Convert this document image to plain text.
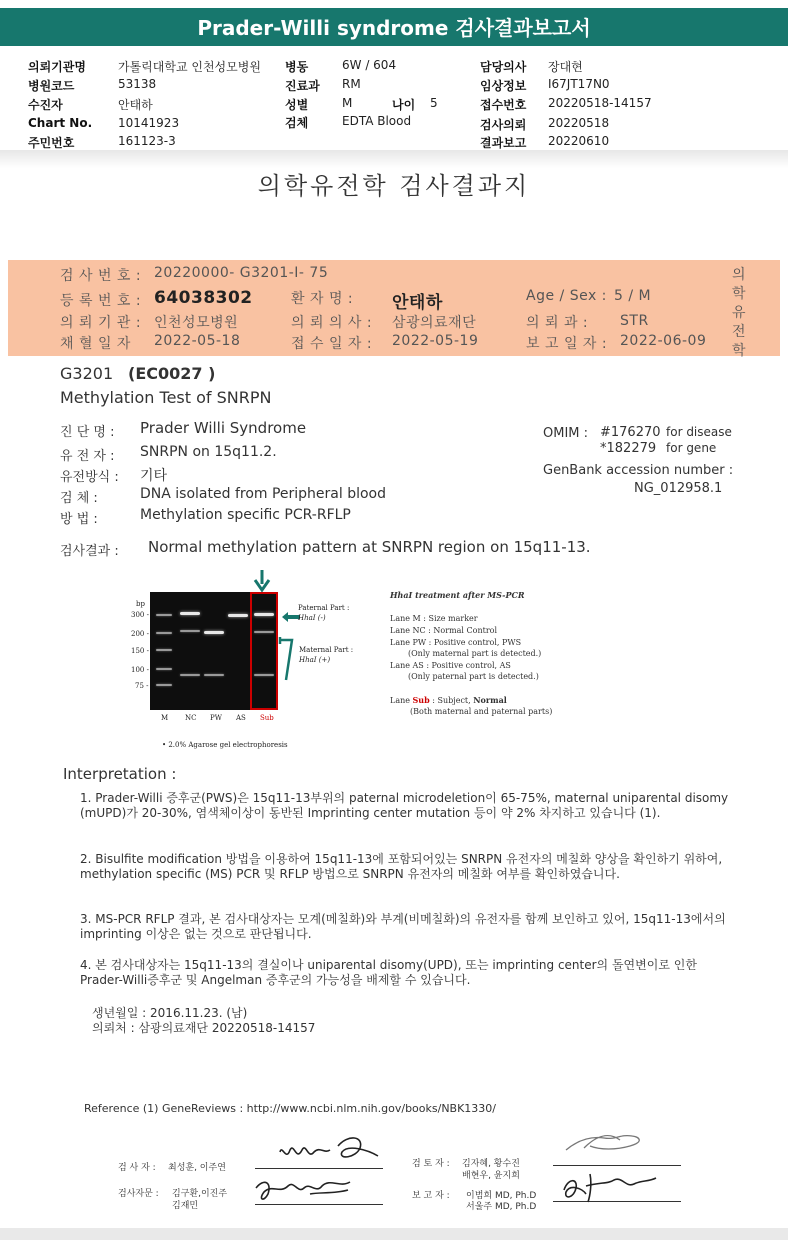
Prader-Willi syndrome 검사결과보고서
의뢰기관명	가톨릭대학교 인천성모병원 병동	6W / 604	담당의사 장대현
병원코드	53138	진료과 RM	임상정보 I67JT17N0
수진자	안태하	성별	M	나이 5	접수번호 20220518-14157
Chart No. 10141923	검체	EDTA Blood	검사의뢰 20220518
주민번호	161123-3	결과보고 20220610
의학유전학 검사결과지
검 사 번 호 : 20220000- G3201-I- 75
등 록 번 호 : 64038302	환 자 명 : 안태하	Age / Sex : 5 / M
의 뢰 기 관 : 인천성모병원	의 뢰 의 사 : 삼광의료재단	의 뢰 과 : STR
채 혈 일 자 2022-05-18	접 수 일 자 : 2022-05-19	보 고 일 자 : 2022-06-09
의
학
유
전
학
G3201 (EC0027 )
Methylation Test of SNRPN
진 단 명 : Prader Willi Syndrome
유 전 자 : SNRPN on 15q11.2.
유전방식 : 기타
검 체 :	DNA isolated from Peripheral blood
방 법 :	Methylation specific PCR-RFLP
OMIM : #176270 for disease
*182279 for gene
GenBank accession number :
NG_012958.1
검사결과 : Normal methylation pattern at SNRPN region on 15q11-13.
bp
300 -
200 -
150 -
100 -
75 -
M NC PW AS Sub
Paternal Part :
HhaI (-)
Maternal Part :
HhaI (+)
• 2.0% Agarose gel electrophoresis
HhaI treatment after MS-PCR
Lane M : Size marker
Lane NC : Normal Control
Lane PW : Positive control, PWS
(Only maternal part is detected.)
Lane AS : Positive control, AS
(Only paternal part is detected.)
Lane Sub : Subject, Normal
(Both maternal and paternal parts)
Interpretation :
1. Prader-Willi 증후군(PWS)은 15q11-13부위의 paternal microdeletion이 65-75%, maternal uniparental disomy (mUPD)가 20-30%, 염색체이상이 동반된 Imprinting center mutation 등이 약 2% 차지하고 있습니다 (1).
2. Bisulfite modification 방법을 이용하여 15q11-13에 포함되어있는 SNRPN 유전자의 메칠화 양상을 확인하기 위하여, methylation specific (MS) PCR 및 RFLP 방법으로 SNRPN 유전자의 메칠화 여부를 확인하였습니다.
3. MS-PCR RFLP 결과, 본 검사대상자는 모계(메칠화)와 부계(비메칠화)의 유전자를 함께 보인하고 있어, 15q11-13에서의 imprinting 이상은 없는 것으로 판단됩니다.
4. 본 검사대상자는 15q11-13의 결실이나 uniparental disomy(UPD), 또는 imprinting center의 돌연변이로 인한 Prader-Willi증후군 및 Angelman 증후군의 가능성을 배제할 수 있습니다.
생년월일 : 2016.11.23. (남)
의뢰처 : 삼광의료재단 20220518-14157
Reference (1) GeneReviews : http://www.ncbi.nlm.nih.gov/books/NBK1330/
검 사 자 : 최성훈, 이주연	검 토 자 : 김자혜, 황수진
배현우, 윤지희
검사자문 : 김구환,이진주
김재민
보 고 자 : 이범희 MD, Ph.D
서울주 MD, Ph.D
